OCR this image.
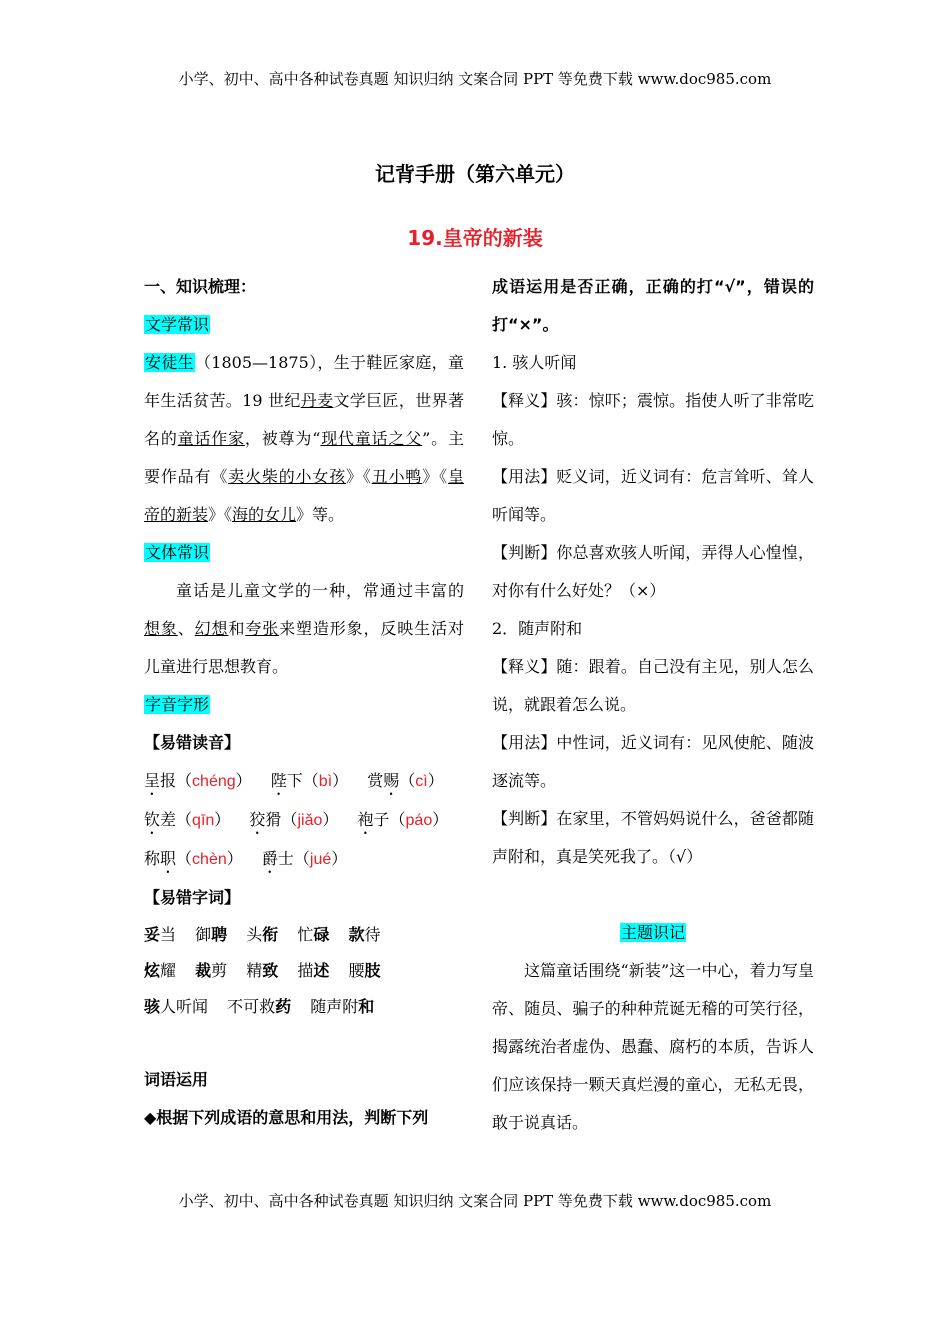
小学、初中、高中各种试卷真题 知识归纳 文案合同 PPT 等免费下载 www.doc985.com
记背手册（第六单元）
19.皇帝的新装

一、知识梳理：

文学常识

安徒生（1805—1875），生于鞋匠家庭，童年生活贫苦。19 世纪丹麦文学巨匠，世界著名的童话作家，被尊为“现代童话之父”。主要作品有《卖火柴的小女孩》《丑小鸭》《皇帝的新装》《海的女儿》等。

文体常识

童话是儿童文学的一种，常通过丰富的想象、幻想和夸张来塑造形象，反映生活对儿童进行思想教育。

字音字形

【易错读音】

呈报（chéng） 陛下（bì） 赏赐（cì）
钦差（qīn） 狡猾（jiǎo） 袍子（páo）
称职（chèn） 爵士（jué）

【易错字词】

妥当 御聘 头衔 忙碌 款待
炫耀 裁剪 精致 描述 腰肢
骇人听闻 不可救药 随声附和

词语运用

◆根据下列成语的意思和用法，判断下列

成语运用是否正确，正确的打“√”，错误的打“×”。

1. 骇人听闻

【释义】骇：惊吓；震惊。指使人听了非常吃惊。

【用法】贬义词，近义词有：危言耸听、耸人听闻等。

【判断】你总喜欢骇人听闻，弄得人心惶惶，对你有什么好处？（×）

2．随声附和

【释义】随：跟着。自己没有主见，别人怎么说，就跟着怎么说。

【用法】中性词，近义词有：见风使舵、随波逐流等。

【判断】在家里，不管妈妈说什么，爸爸都随声附和，真是笑死我了。（√）

主题识记

这篇童话围绕“新装”这一中心，着力写皇帝、随员、骗子的种种荒诞无稽的可笑行径，揭露统治者虚伪、愚蠢、腐朽的本质，告诉人们应该保持一颗天真烂漫的童心，无私无畏，敢于说真话。

小学、初中、高中各种试卷真题 知识归纳 文案合同 PPT 等免费下载 www.doc985.com
